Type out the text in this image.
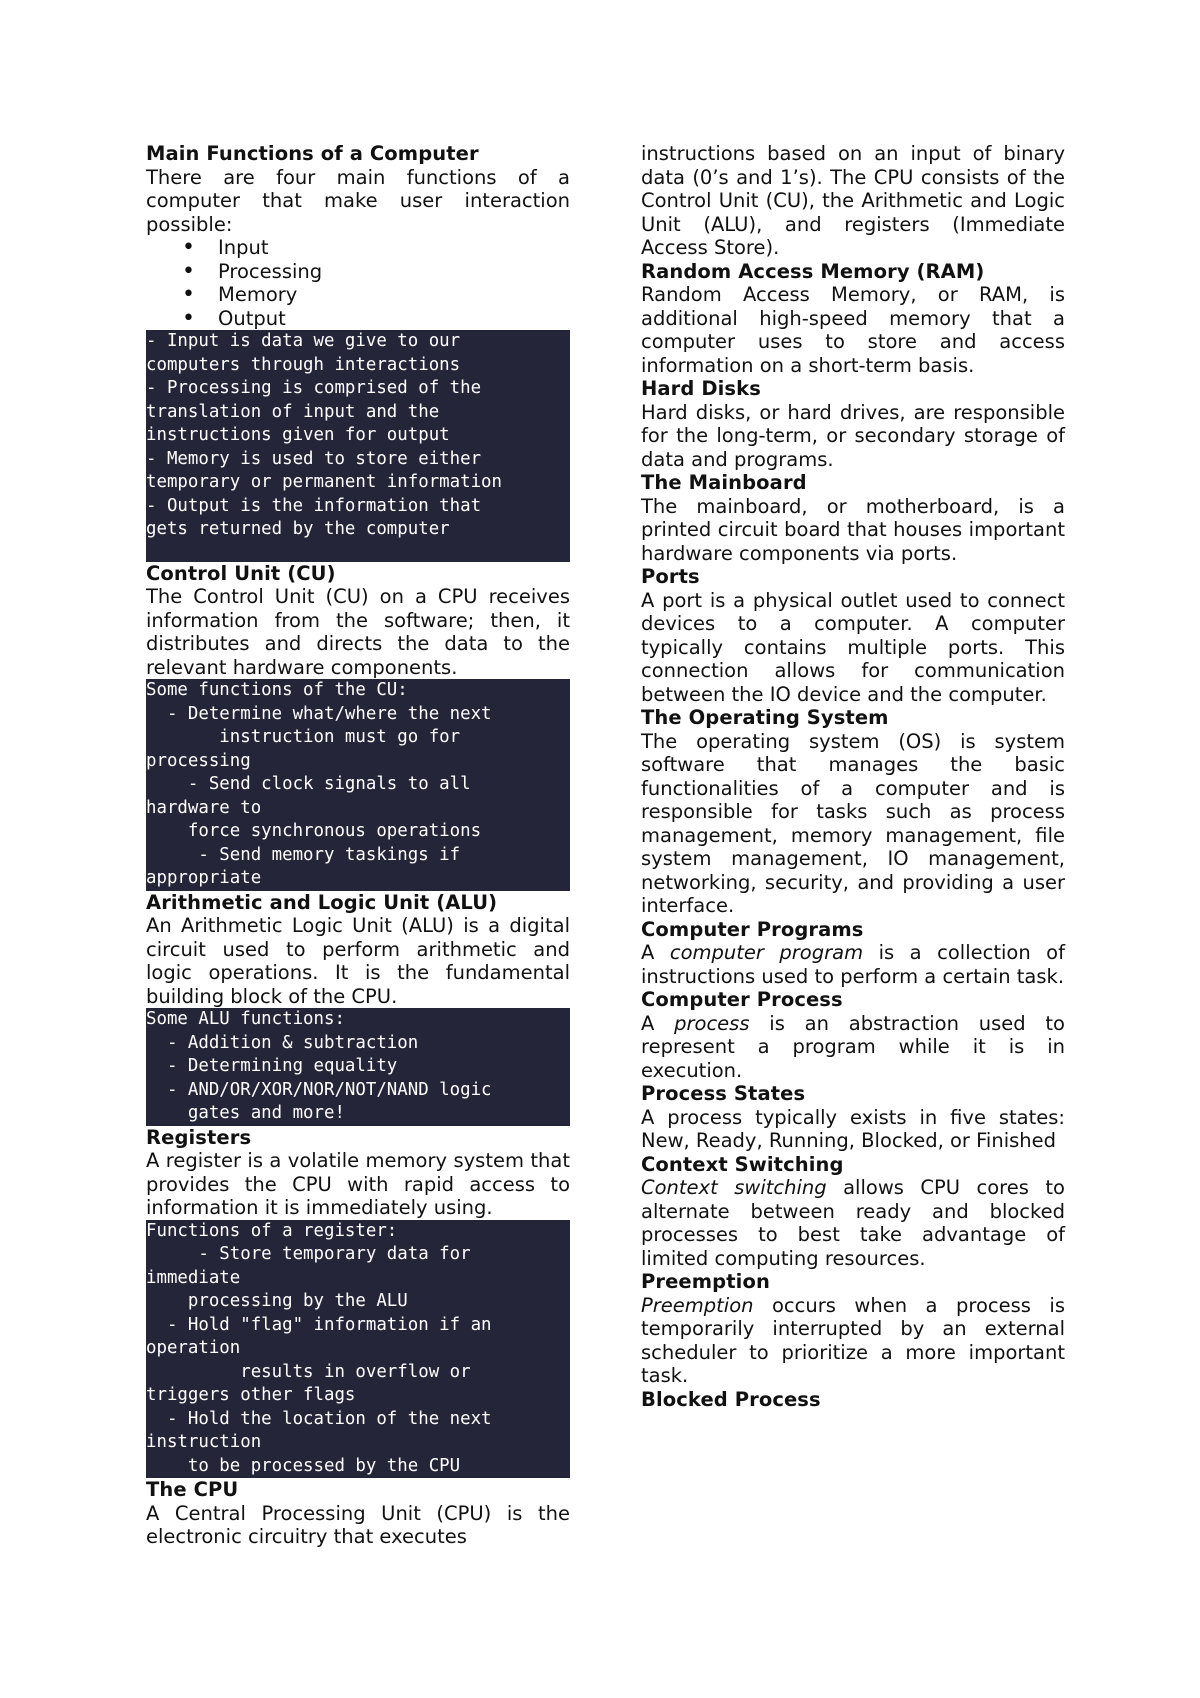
Main Functions of a Computer

There are four main functions of a computer that make user interaction possible:

• Input
• Processing
• Memory
• Output
- Input is data we give to our
computers through interactions
- Processing is comprised of the
translation of input and the
instructions given for output
- Memory is used to store either
temporary or permanent information
- Output is the information that
gets returned by the computer

Control Unit (CU)

The Control Unit (CU) on a CPU receives information from the software; then, it distributes and directs the data to the relevant hardware components.

Some functions of the CU:
- Determine what/where the next
instruction must go for
processing
- Send clock signals to all
hardware to
force synchronous operations
- Send memory taskings if
appropriate

Arithmetic and Logic Unit (ALU)

An Arithmetic Logic Unit (ALU) is a digital circuit used to perform arithmetic and logic operations. It is the fundamental building block of the CPU.

Some ALU functions:
- Addition & subtraction
- Determining equality
- AND/OR/XOR/NOR/NOT/NAND logic
gates and more!

Registers

A register is a volatile memory system that provides the CPU with rapid access to information it is immediately using.

Functions of a register:
- Store temporary data for
immediate
processing by the ALU
- Hold "flag" information if an
operation
results in overflow or
triggers other flags
- Hold the location of the next
instruction
to be processed by the CPU

The CPU

A Central Processing Unit (CPU) is the electronic circuitry that executes

instructions based on an input of binary data (0’s and 1’s). The CPU consists of the Control Unit (CU), the Arithmetic and Logic Unit (ALU), and registers (Immediate Access Store).

Random Access Memory (RAM)

Random Access Memory, or RAM, is additional high-speed memory that a computer uses to store and access information on a short-term basis.

Hard Disks

Hard disks, or hard drives, are responsible for the long-term, or secondary storage of data and programs.

The Mainboard

The mainboard, or motherboard, is a printed circuit board that houses important hardware components via ports.

Ports

A port is a physical outlet used to connect devices to a computer. A computer typically contains multiple ports. This connection allows for communication between the IO device and the computer.

The Operating System

The operating system (OS) is system software that manages the basic functionalities of a computer and is responsible for tasks such as process management, memory management, file system management, IO management, networking, security, and providing a user interface.

Computer Programs

A computer program is a collection of instructions used to perform a certain task.

Computer Process

A process is an abstraction used to represent a program while it is in execution.

Process States

A process typically exists in five states: New, Ready, Running, Blocked, or Finished

Context Switching

Context switching allows CPU cores to alternate between ready and blocked processes to best take advantage of limited computing resources.

Preemption

Preemption occurs when a process is temporarily interrupted by an external scheduler to prioritize a more important task.

Blocked Process
